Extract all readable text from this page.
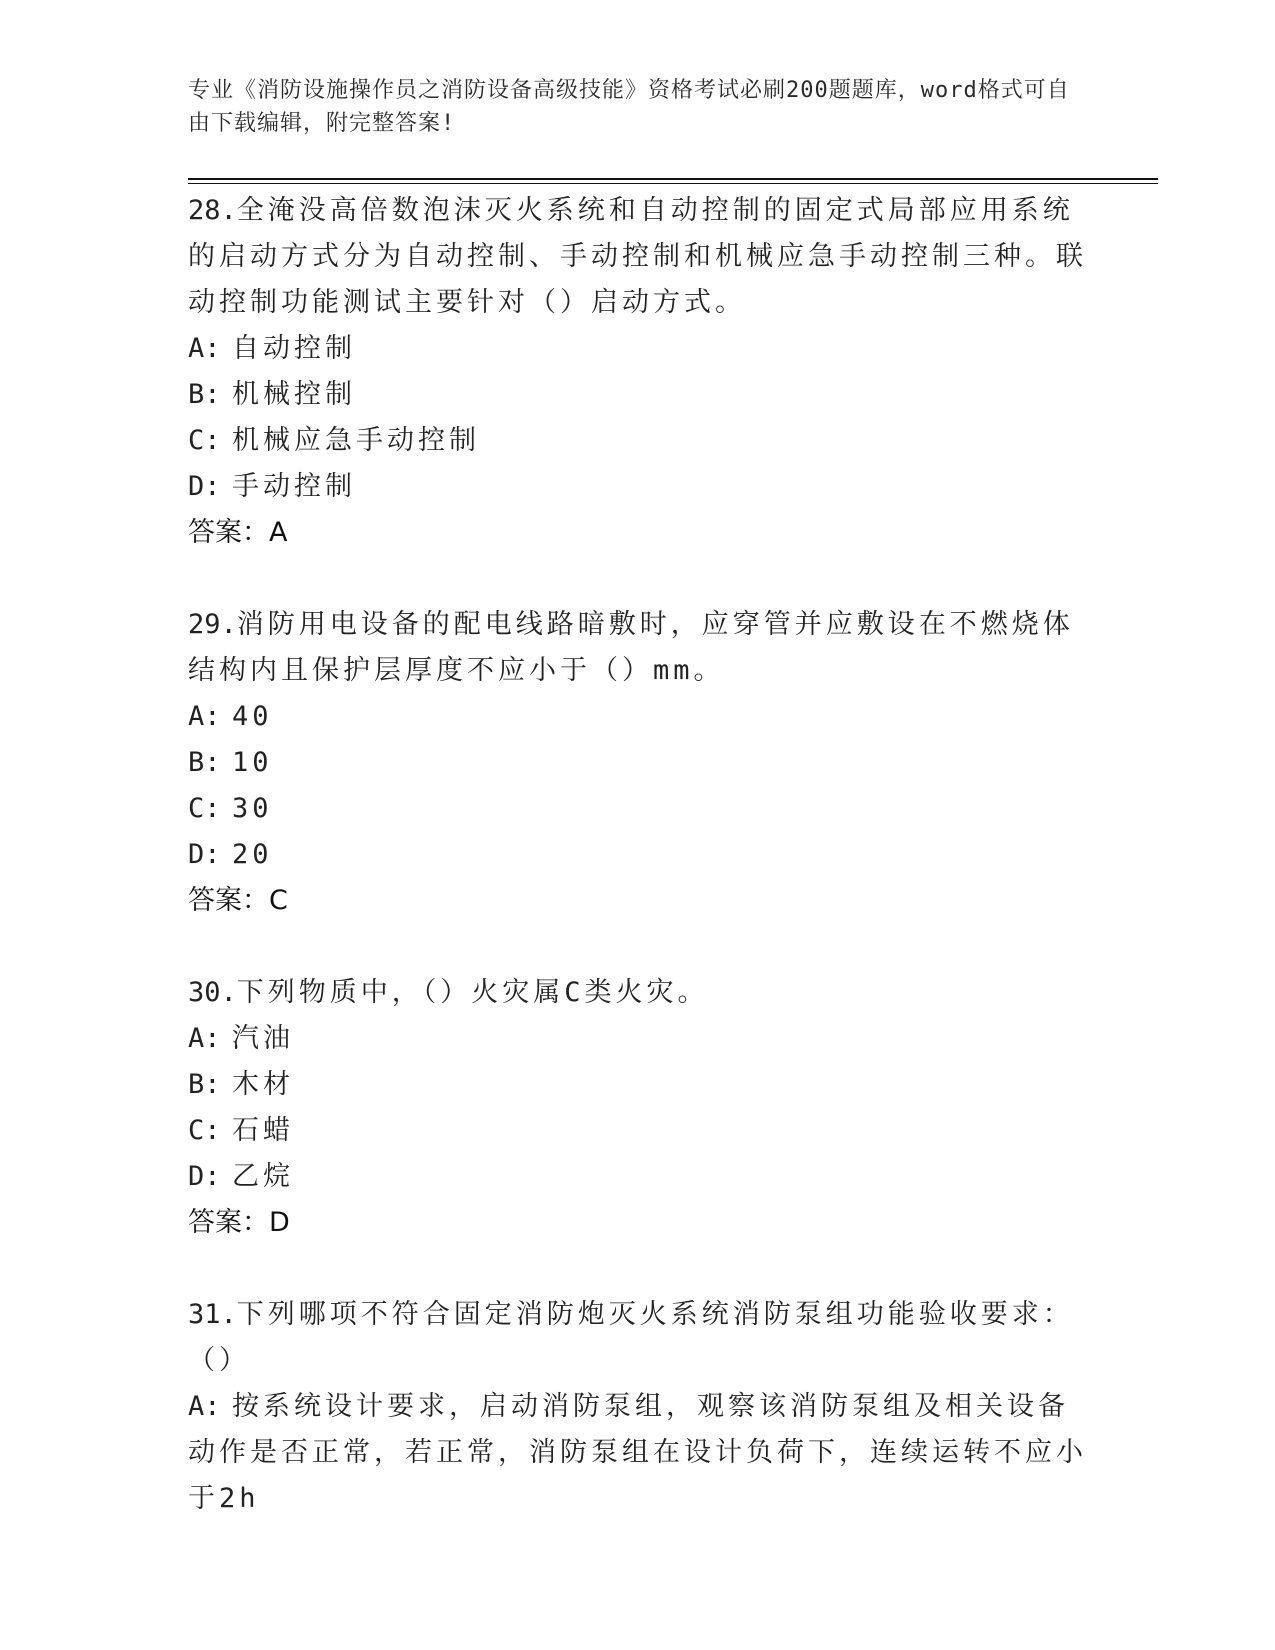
专业《消防设施操作员之消防设备高级技能》资格考试必刷200题题库，word格式可自由下载编辑，附完整答案!

28.全淹没高倍数泡沫灭火系统和自动控制的固定式局部应用系统的启动方式分为自动控制、手动控制和机械应急手动控制三种。联动控制功能测试主要针对（）启动方式。

A: 自动控制

B: 机械控制

C: 机械应急手动控制

D: 手动控制

答案：A

29.消防用电设备的配电线路暗敷时，应穿管并应敷设在不燃烧体结构内且保护层厚度不应小于（）mm。

A: 40

B: 10

C: 30

D: 20

答案：C

30.下列物质中，（）火灾属C类火灾。

A: 汽油

B: 木材

C: 石蜡

D: 乙烷

答案：D

31.下列哪项不符合固定消防炮灭火系统消防泵组功能验收要求：（）

A: 按系统设计要求，启动消防泵组，观察该消防泵组及相关设备动作是否正常，若正常，消防泵组在设计负荷下，连续运转不应小于2h
